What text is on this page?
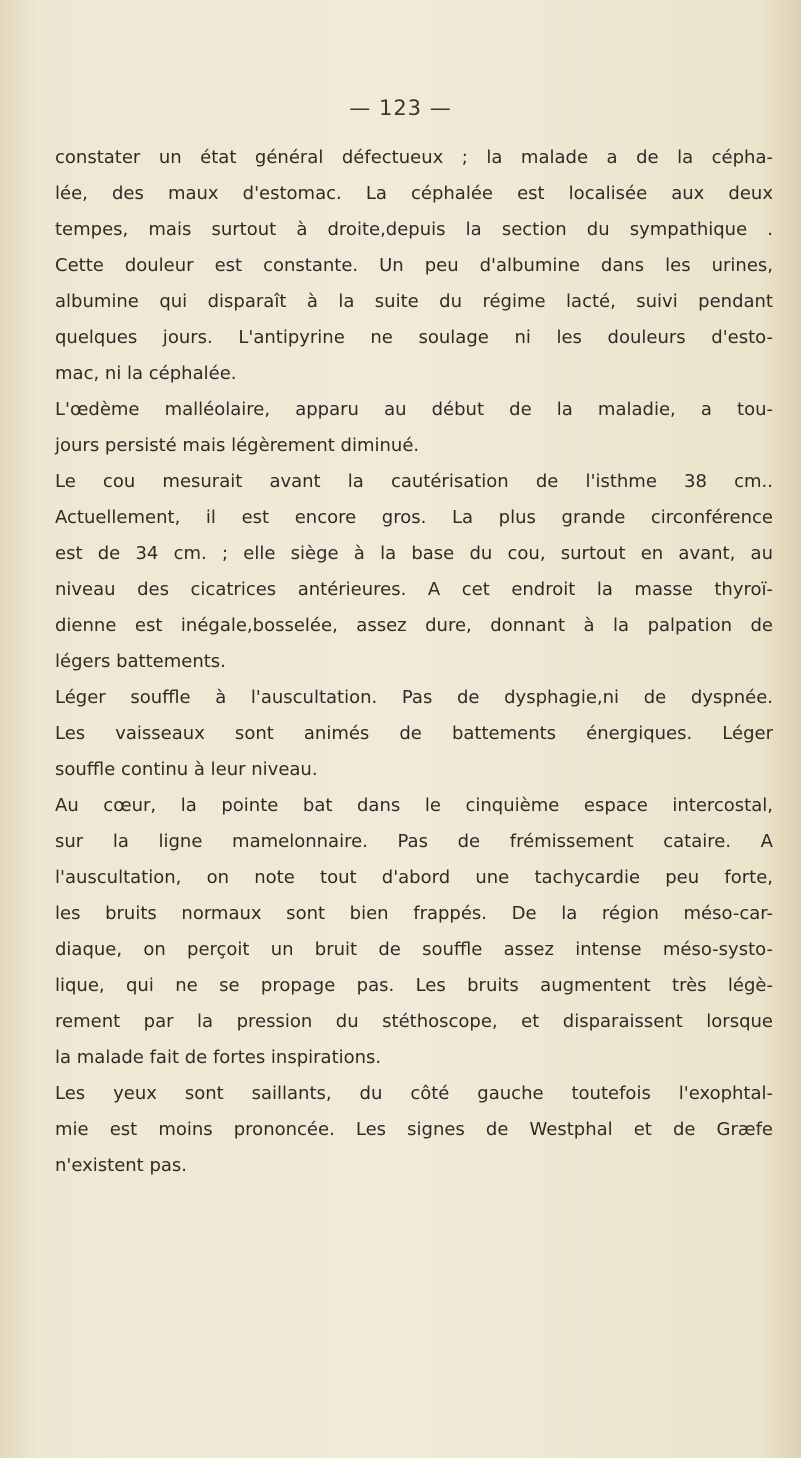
— 123 —

constater un état général défectueux ; la malade a de la cépha-
lée, des maux d'estomac. La céphalée est localisée aux deux
tempes, mais surtout à droite,depuis la section du sympathique .
Cette douleur est constante. Un peu d'albumine dans les urines,
albumine qui disparaît à la suite du régime lacté, suivi pendant
quelques jours. L'antipyrine ne soulage ni les douleurs d'esto-
mac, ni la céphalée.

L'œdème malléolaire, apparu au début de la maladie, a tou-
jours persisté mais légèrement diminué.

Le cou mesurait avant la cautérisation de l'isthme 38 cm..
Actuellement, il est encore gros. La plus grande circonférence
est de 34 cm. ; elle siège à la base du cou, surtout en avant, au
niveau des cicatrices antérieures. A cet endroit la masse thyroï-
dienne est inégale,bosselée, assez dure, donnant à la palpation de
légers battements.

Léger souffle à l'auscultation. Pas de dysphagie,ni de dyspnée.
Les vaisseaux sont animés de battements énergiques. Léger
souffle continu à leur niveau.

Au cœur, la pointe bat dans le cinquième espace intercostal,
sur la ligne mamelonnaire. Pas de frémissement cataire. A
l'auscultation, on note tout d'abord une tachycardie peu forte,
les bruits normaux sont bien frappés. De la région méso-car-
diaque, on perçoit un bruit de souffle assez intense méso-systo-
lique, qui ne se propage pas. Les bruits augmentent très légè-
rement par la pression du stéthoscope, et disparaissent lorsque
la malade fait de fortes inspirations.

Les yeux sont saillants, du côté gauche toutefois l'exophtal-
mie est moins prononcée. Les signes de Westphal et de Græfe
n'existent pas.
